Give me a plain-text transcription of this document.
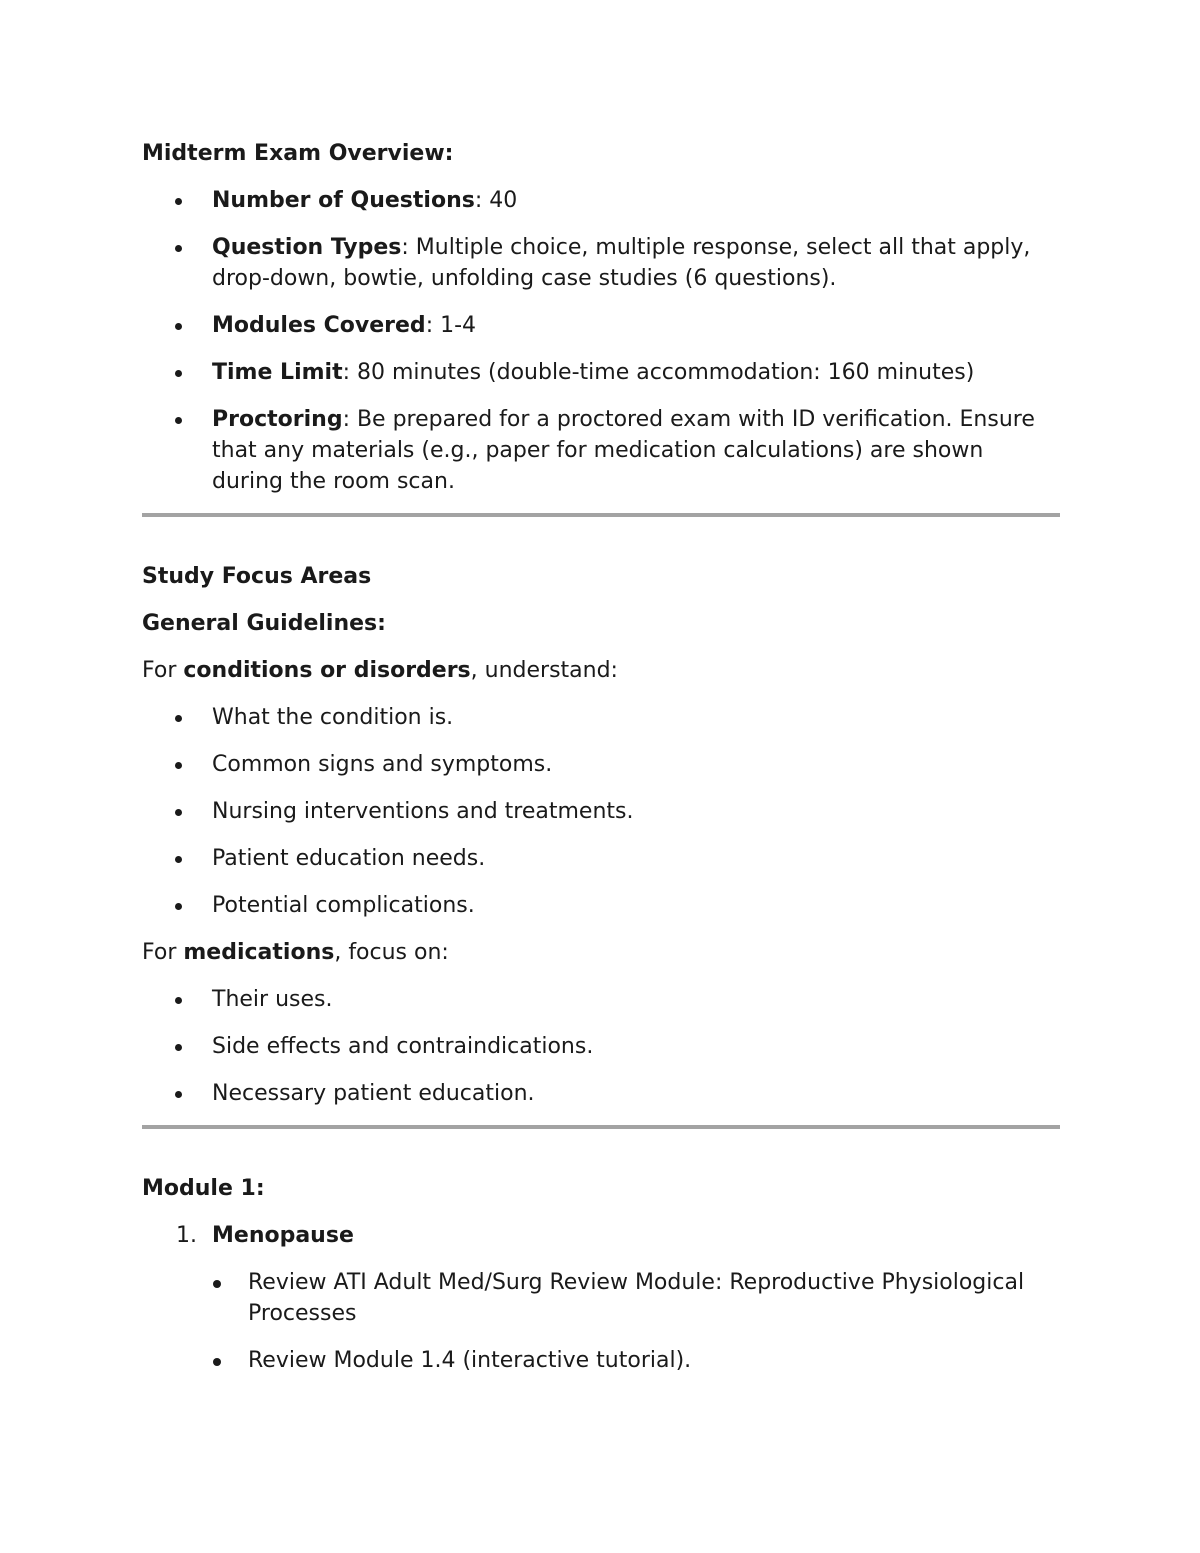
Midterm Exam Overview:

Number of Questions: 40
Question Types: Multiple choice, multiple response, select all that apply, drop-down, bowtie, unfolding case studies (6 questions).
Modules Covered: 1-4
Time Limit: 80 minutes (double-time accommodation: 160 minutes)
Proctoring: Be prepared for a proctored exam with ID verification. Ensure that any materials (e.g., paper for medication calculations) are shown during the room scan.

Study Focus Areas

General Guidelines:

For conditions or disorders, understand:

What the condition is.
Common signs and symptoms.
Nursing interventions and treatments.
Patient education needs.
Potential complications.

For medications, focus on:

Their uses.
Side effects and contraindications.
Necessary patient education.

Module 1:

1. Menopause
Review ATI Adult Med/Surg Review Module: Reproductive Physiological Processes
Review Module 1.4 (interactive tutorial).
